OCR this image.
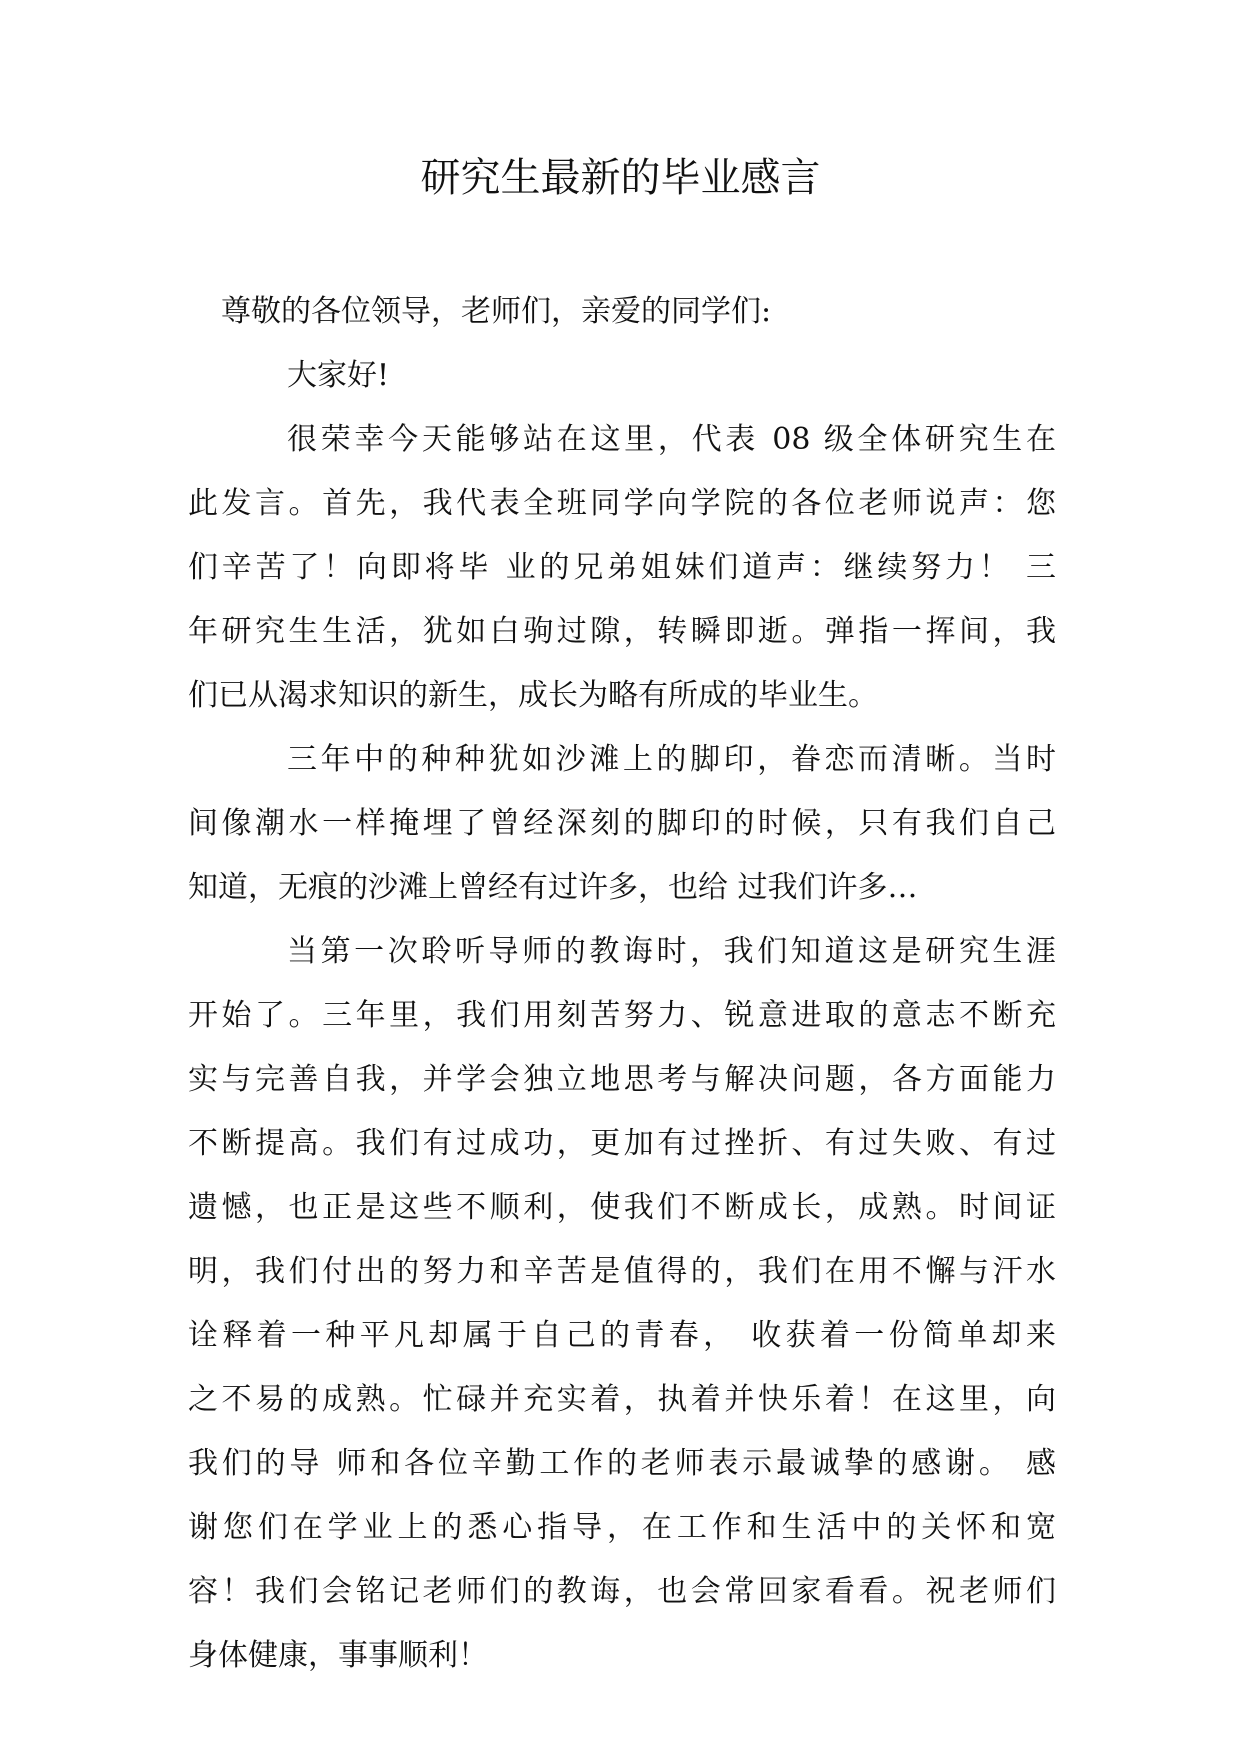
研究生最新的毕业感言
尊敬的各位领导，老师们，亲爱的同学们:
大家好!
很荣幸今天能够站在这里，代表 08 级全体研究生在
此发言。首先，我代表全班同学向学院的各位老师说声：您
们辛苦了！向即将毕 业的兄弟姐妹们道声：继续努力！ 三
年研究生生活，犹如白驹过隙，转瞬即逝。弹指一挥间，我
们已从渴求知识的新生，成长为略有所成的毕业生。
三年中的种种犹如沙滩上的脚印，眷恋而清晰。当时
间像潮水一样掩埋了曾经深刻的脚印的时候，只有我们自己
知道，无痕的沙滩上曾经有过许多，也给 过我们许多…
当第一次聆听导师的教诲时，我们知道这是研究生涯
开始了。三年里，我们用刻苦努力、锐意进取的意志不断充
实与完善自我，并学会独立地思考与解决问题，各方面能力
不断提高。我们有过成功，更加有过挫折、有过失败、有过
遗憾，也正是这些不顺利，使我们不断成长，成熟。时间证
明，我们付出的努力和辛苦是值得的，我们在用不懈与汗水
诠释着一种平凡却属于自己的青春， 收获着一份简单却来
之不易的成熟。忙碌并充实着，执着并快乐着！在这里，向
我们的导 师和各位辛勤工作的老师表示最诚挚的感谢。 感
谢您们在学业上的悉心指导，在工作和生活中的关怀和宽
容！我们会铭记老师们的教诲，也会常回家看看。祝老师们
身体健康，事事顺利！
